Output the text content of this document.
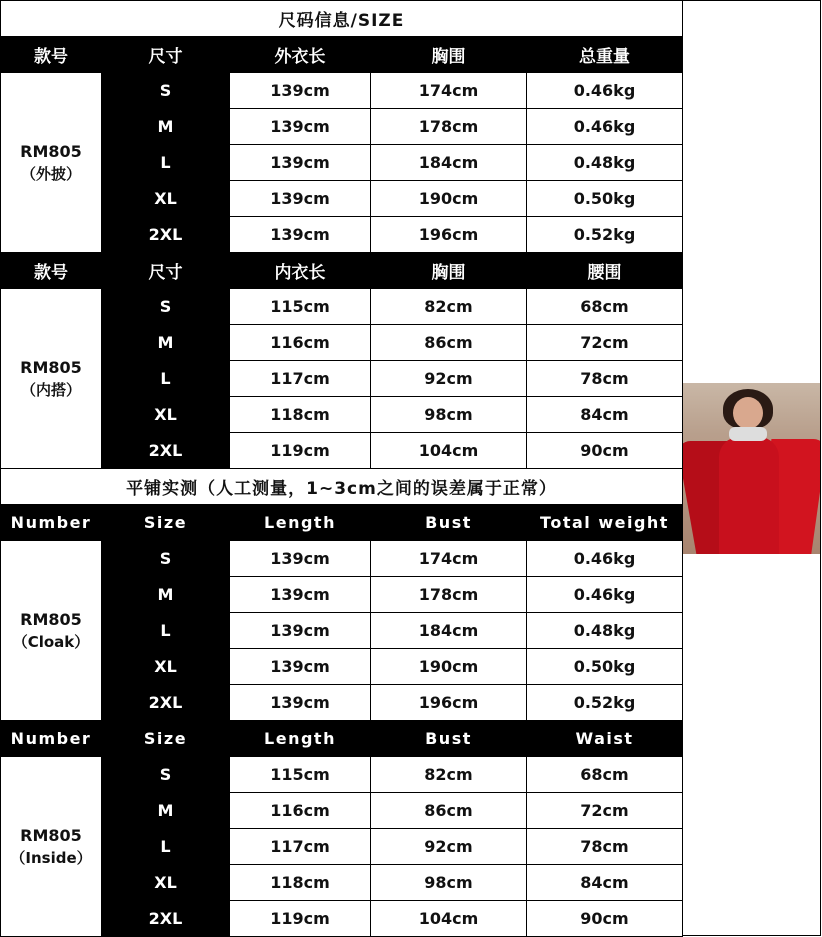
尺码信息/SIZE				
款号	尺寸	外衣长	胸围	总重量

RM805
（外披）	S	139cm	174cm	0.46kg
	M	139cm	178cm	0.46kg
	L	139cm	184cm	0.48kg
	XL	139cm	190cm	0.50kg
	2XL	139cm	196cm	0.52kg
款号	尺寸	内衣长	胸围	腰围

RM805
（内搭）	S	115cm	82cm	68cm
	M	116cm	86cm	72cm
	L	117cm	92cm	78cm
	XL	118cm	98cm	84cm
	2XL	119cm	104cm	90cm
平铺实测（人工测量，1~3cm之间的误差属于正常）				
Number	Size	Length	Bust	Total weight

RM805
（Cloak）	S	139cm	174cm	0.46kg
	M	139cm	178cm	0.46kg
	L	139cm	184cm	0.48kg
	XL	139cm	190cm	0.50kg
	2XL	139cm	196cm	0.52kg
Number	Size	Length	Bust	Waist

RM805
（Inside）	S	115cm	82cm	68cm
	M	116cm	86cm	72cm
	L	117cm	92cm	78cm
	XL	118cm	98cm	84cm
	2XL	119cm	104cm	90cm
